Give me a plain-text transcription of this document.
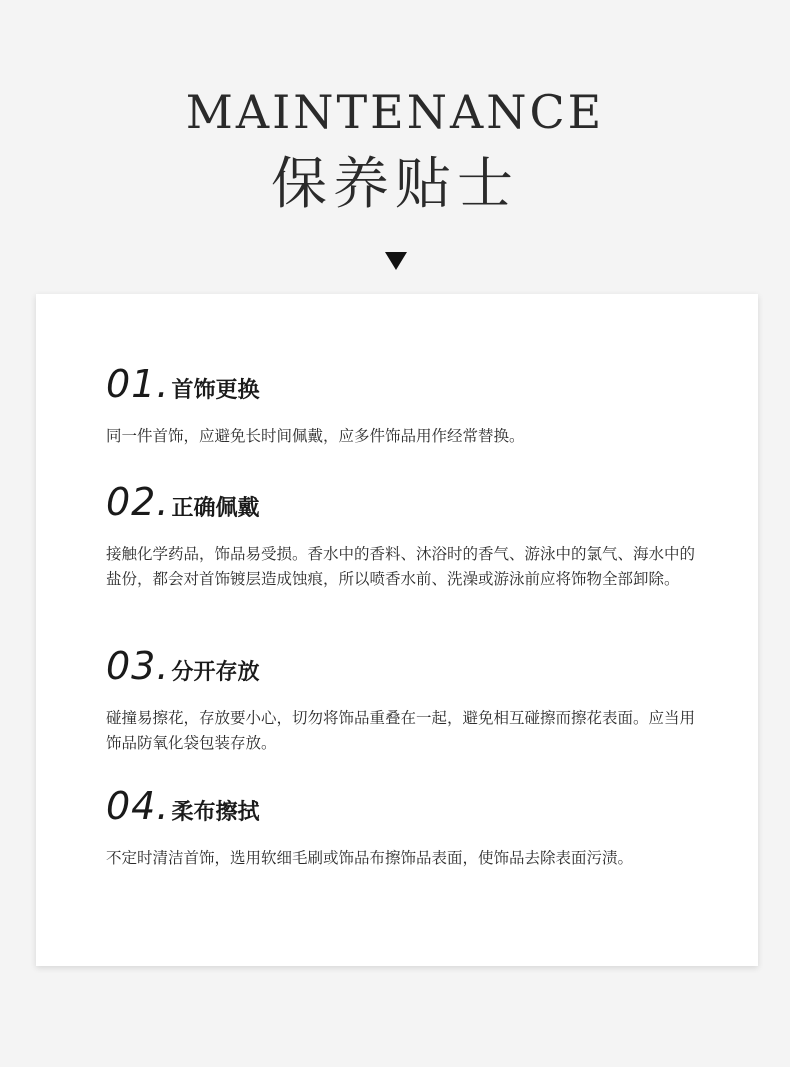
MAINTENANCE
保养贴士
01. 首饰更换
同一件首饰，应避免长时间佩戴，应多件饰品用作经常替换。
02. 正确佩戴
接触化学药品，饰品易受损。香水中的香料、沐浴时的香气、游泳中的氯气、海水中的盐份，都会对首饰镀层造成蚀痕，所以喷香水前、洗澡或游泳前应将饰物全部卸除。
03. 分开存放
碰撞易擦花，存放要小心，切勿将饰品重叠在一起，避免相互碰擦而擦花表面。应当用饰品防氧化袋包装存放。
04. 柔布擦拭
不定时清洁首饰，选用软细毛刷或饰品布擦饰品表面，使饰品去除表面污渍。
